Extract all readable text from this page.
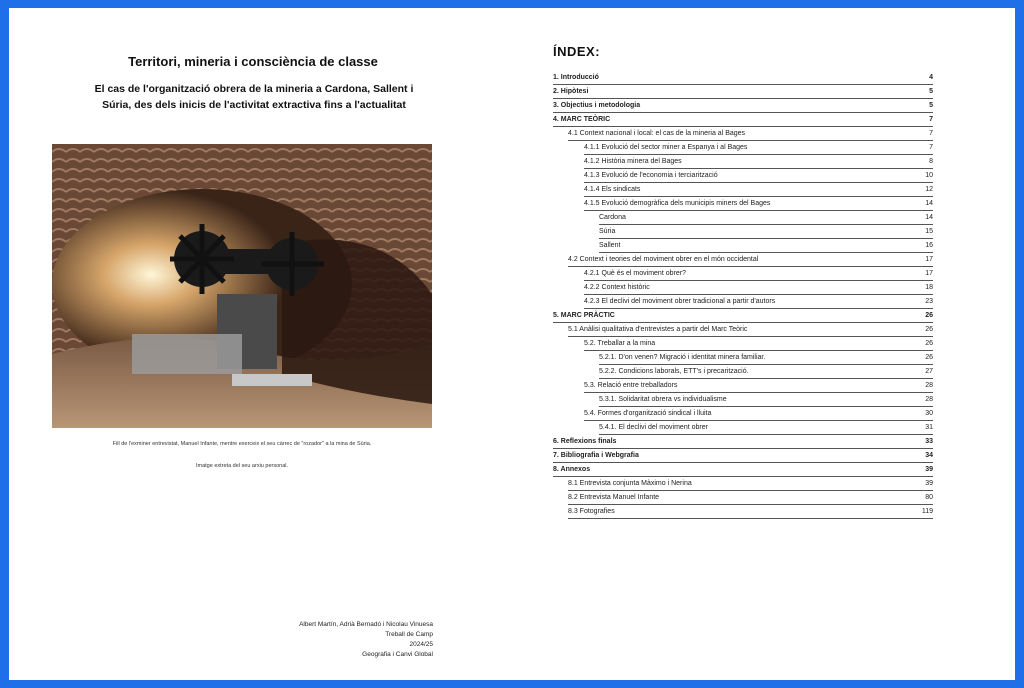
Territori, mineria i consciència de classe
El cas de l'organització obrera de la mineria a Cardona, Sallent i
Súria, des dels inicis de l'activitat extractiva fins a l'actualitat
Fill de l'exminer entrevistat, Manuel Infante, mentre exerceix el seu càrrec de "rozador" a la mina de Súria.
Imatge extreta del seu arxiu personal.
Albert Martín, Adrià Bernadó i Nicolau Vinuesa
Treball de Camp
2024/25
Geografia i Canvi Global
ÍNDEX:
1. Introducció	4
2. Hipòtesi	5
3. Objectius i metodologia	5
4. MARC TEÒRIC	7
4.1 Context nacional i local: el cas de la mineria al Bages	7
4.1.1 Evolució del sector miner a Espanya i al Bages	7
4.1.2 Història minera del Bages	8
4.1.3 Evolució de l'economia i terciarització	10
4.1.4 Els sindicats	12
4.1.5 Evolució demogràfica dels municipis miners del Bages	14
Cardona	14
Súria	15
Sallent	16
4.2 Context i teories del moviment obrer en el món occidental	17
4.2.1 Què és el moviment obrer?	17
4.2.2 Context històric	18
4.2.3 El declivi del moviment obrer tradicional a partir d'autors	23
5. MARC PRÀCTIC	26
5.1 Anàlisi qualitativa d'entrevistes a partir del Marc Teòric	26
5.2. Treballar a la mina	26
5.2.1. D'on venen? Migració i identitat minera familiar.	26
5.2.2. Condicions laborals, ETT's i precarització.	27
5.3. Relació entre treballadors	28
5.3.1. Solidaritat obrera vs individualisme	28
5.4. Formes d'organització sindical i lluita	30
5.4.1. El declivi del moviment obrer	31
6. Reflexions finals	33
7. Bibliografia i Webgrafia	34
8. Annexos	39
8.1 Entrevista conjunta Màximo i Nerina	39
8.2 Entrevista Manuel Infante	80
8.3 Fotografies	119
